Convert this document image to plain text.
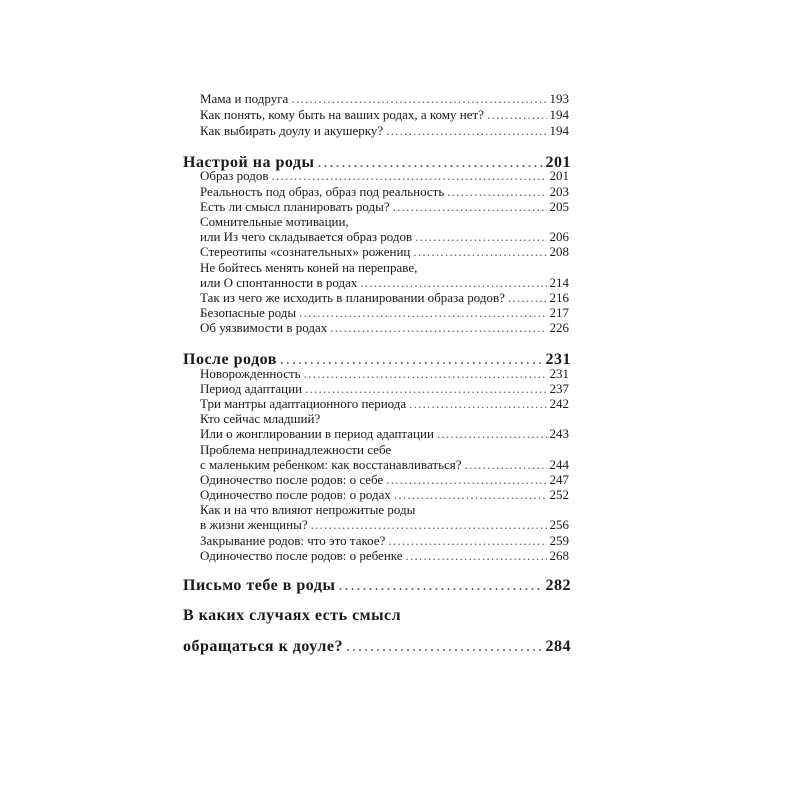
Мама и подруга . . .	193
Как понять, кому быть на ваших родах, а кому нет? . . .	194
Как выбирать доулу и акушерку? . . .	194
Настрой на роды . . .	201
Образ родов . . .	201
Реальность под образ, образ под реальность . . .	203
Есть ли смысл планировать роды? . . .	205
Сомнительные мотивации,
или Из чего складывается образ родов . . .	206
Стереотипы «сознательных» рожениц . . .	208
Не бойтесь менять коней на переправе,
или О спонтанности в родах . . .	214
Так из чего же исходить в планировании образа родов? . . .	216
Безопасные роды . . .	217
Об уязвимости в родах . . .	226
После родов . . .	231
Новорожденность . . .	231
Период адаптации . . .	237
Три мантры адаптационного периода . . .	242
Кто сейчас младший?
Или о жонглировании в период адаптации . . .	243
Проблема непринадлежности себе
с маленьким ребенком: как восстанавливаться? . . .	244
Одиночество после родов: о себе . . .	247
Одиночество после родов: о родах . . .	252
Как и на что влияют непрожитые роды
в жизни женщины? . . .	256
Закрывание родов: что это такое? . . .	259
Одиночество после родов: о ребенке . . .	268
Письмо тебе в роды . . .	282
В каких случаях есть смысл
обращаться к доуле? . . .	284
